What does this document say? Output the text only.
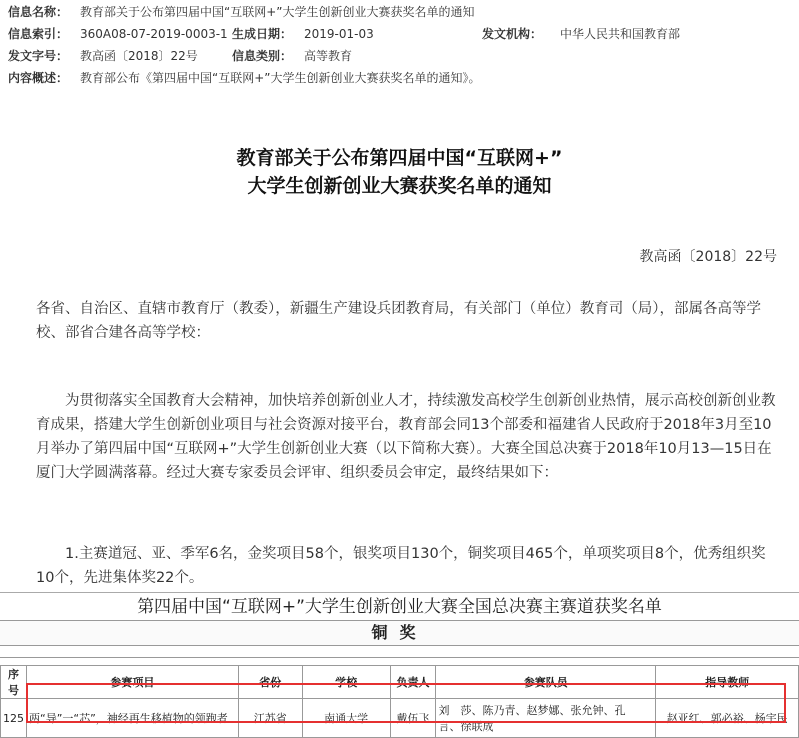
信息名称： 教育部关于公布第四届中国“互联网+”大学生创新创业大赛获奖名单的通知
信息索引： 360A08-07-2019-0003-1 生成日期： 2019-01-03	发文机构： 中华人民共和国教育部
发文字号： 教高函〔2018〕22号	信息类别： 高等教育
内容概述： 教育部公布《第四届中国“互联网+”大学生创新创业大赛获奖名单的通知》。
教育部关于公布第四届中国“互联网+”
大学生创新创业大赛获奖名单的通知
教高函〔2018〕22号

各省、自治区、直辖市教育厅（教委），新疆生产建设兵团教育局，有关部门（单位）教育司（局），部属各高等学校、部省合建各高等学校：

为贯彻落实全国教育大会精神，加快培养创新创业人才，持续激发高校学生创新创业热情，展示高校创新创业教育成果，搭建大学生创新创业项目与社会资源对接平台，教育部会同13个部委和福建省人民政府于2018年3月至10月举办了第四届中国“互联网+”大学生创新创业大赛（以下简称大赛）。大赛全国总决赛于2018年10月13—15日在厦门大学圆满落幕。经过大赛专家委员会评审、组织委员会审定，最终结果如下：

1.主赛道冠、亚、季军6名，金奖项目58个，银奖项目130个，铜奖项目465个，单项奖项目8个，优秀组织奖10个，先进集体奖22个。

第四届中国“互联网+”大学生创新创业大赛全国总决赛主赛道获奖名单
铜奖
序号	参赛项目	省份	学校	负责人	参赛队员	指导教师
125	两“导”一“芯”，神经再生移植物的领跑者	江苏省	南通大学	戴伍飞	刘　莎、陈乃青、赵梦娜、张允钟、孔　言、徐联成	赵亚红、郭必裕、杨宇民
